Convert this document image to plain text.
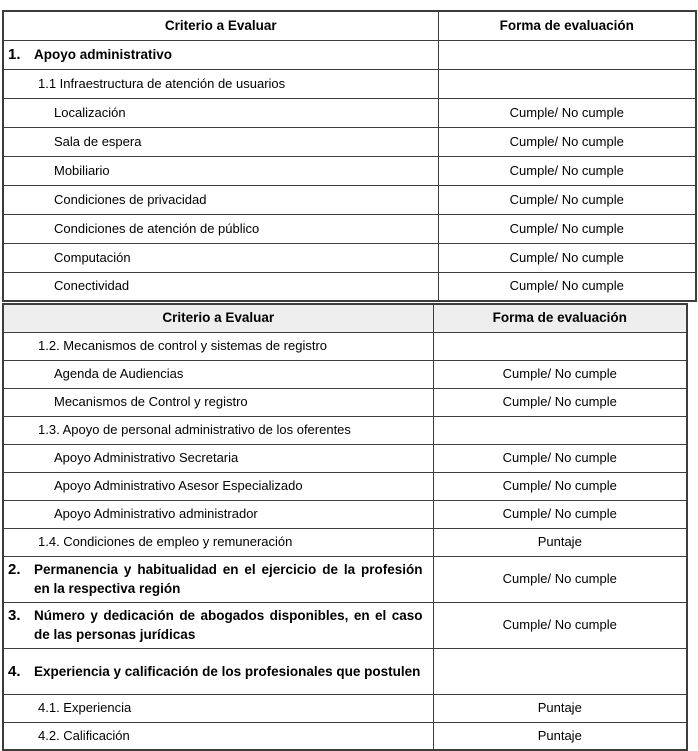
Criterio a Evaluar	Forma de evaluación

1. Apoyo administrativo	

1.1 Infraestructura de atención de usuarios	
Localización	Cumple/ No cumple
Sala de espera	Cumple/ No cumple
Mobiliario	Cumple/ No cumple
Condiciones de privacidad	Cumple/ No cumple
Condiciones de atención de público	Cumple/ No cumple
Computación	Cumple/ No cumple
Conectividad	Cumple/ No cumple
Criterio a Evaluar	Forma de evaluación
1.2. Mecanismos de control y sistemas de registro	
Agenda de Audiencias	Cumple/ No cumple
Mecanismos de Control y registro	Cumple/ No cumple
1.3. Apoyo de personal administrativo de los oferentes	
Apoyo Administrativo Secretaria	Cumple/ No cumple
Apoyo Administrativo Asesor Especializado	Cumple/ No cumple
Apoyo Administrativo administrador	Cumple/ No cumple
1.4. Condiciones de empleo y remuneración	Puntaje

2. Permanencia y habitualidad en el ejercicio de la profesión en la respectiva región	Cumple/ No cumple

3. Número y dedicación de abogados disponibles, en el caso de las personas jurídicas	Cumple/ No cumple

4. Experiencia y calificación de los profesionales que postulen	

4.1. Experiencia	Puntaje
4.2. Calificación	Puntaje
